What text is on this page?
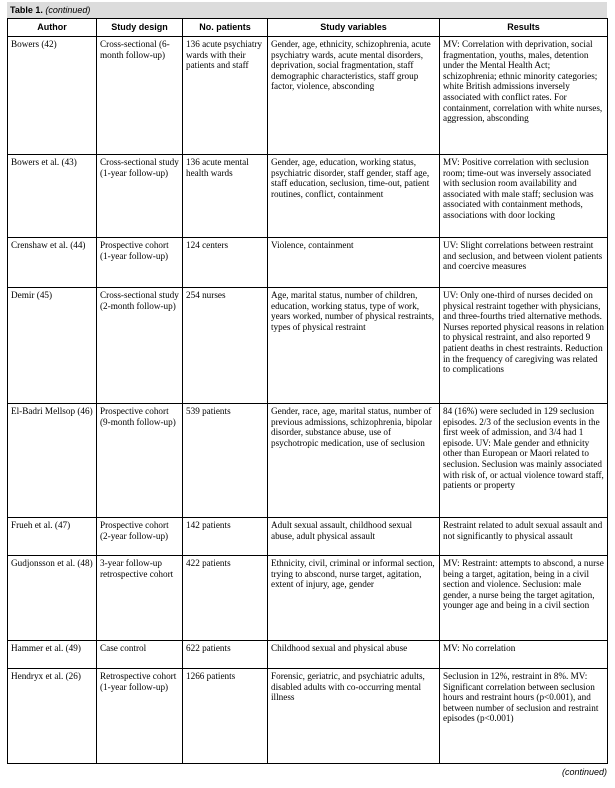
Table 1. (continued)
Author	Study design	No. patients	Study variables	Results
Bowers (42)	Cross-sectional (6-month follow-up)	136 acute psychiatry wards with their patients and staff	Gender, age, ethnicity, schizophrenia, acute psychiatry wards, acute mental disorders, deprivation, social fragmentation, staff demographic characteristics, staff group factor, violence, absconding	MV: Correlation with deprivation, social fragmentation, youths, males, detention under the Mental Health Act; schizophrenia; ethnic minority categories; white British admissions inversely associated with conflict rates. For containment, correlation with white nurses, aggression, absconding
Bowers et al. (43)	Cross-sectional study (1-year follow-up)	136 acute mental health wards	Gender, age, education, working status, psychiatric disorder, staff gender, staff age, staff education, seclusion, time-out, patient routines, conflict, containment	MV: Positive correlation with seclusion room; time-out was inversely associated with seclusion room availability and associated with male staff; seclusion was associated with containment methods, associations with door locking
Crenshaw et al. (44)	Prospective cohort (1-year follow-up)	124 centers	Violence, containment	UV: Slight correlations between restraint and seclusion, and between violent patients and coercive measures
Demir (45)	Cross-sectional study (2-month follow-up)	254 nurses	Age, marital status, number of children, education, working status, type of work, years worked, number of physical restraints, types of physical restraint	UV: Only one-third of nurses decided on physical restraint together with physicians, and three-fourths tried alternative methods. Nurses reported physical reasons in relation to physical restraint, and also reported 9 patient deaths in chest restraints. Reduction in the frequency of caregiving was related to complications
El-Badri Mellsop (46)	Prospective cohort (9-month follow-up)	539 patients	Gender, race, age, marital status, number of previous admissions, schizophrenia, bipolar disorder, substance abuse, use of psychotropic medication, use of seclusion	84 (16%) were secluded in 129 seclusion episodes. 2/3 of the seclusion events in the first week of admission, and 3/4 had 1 episode. UV: Male gender and ethnicity other than European or Maori related to seclusion. Seclusion was mainly associated with risk of, or actual violence toward staff, patients or property
Frueh et al. (47)	Prospective cohort (2-year follow-up)	142 patients	Adult sexual assault, childhood sexual abuse, adult physical assault	Restraint related to adult sexual assault and not significantly to physical assault
Gudjonsson et al. (48)	3-year follow-up retrospective cohort	422 patients	Ethnicity, civil, criminal or informal section, trying to abscond, nurse target, agitation, extent of injury, age, gender	MV: Restraint: attempts to abscond, a nurse being a target, agitation, being in a civil section and violence. Seclusion: male gender, a nurse being the target agitation, younger age and being in a civil section
Hammer et al. (49)	Case control	622 patients	Childhood sexual and physical abuse	MV: No correlation
Hendryx et al. (26)	Retrospective cohort (1-year follow-up)	1266 patients	Forensic, geriatric, and psychiatric adults, disabled adults with co-occurring mental illness	Seclusion in 12%, restraint in 8%. MV: Significant correlation between seclusion hours and restraint hours (p<0.001), and between number of seclusion and restraint episodes (p<0.001)
(continued)
